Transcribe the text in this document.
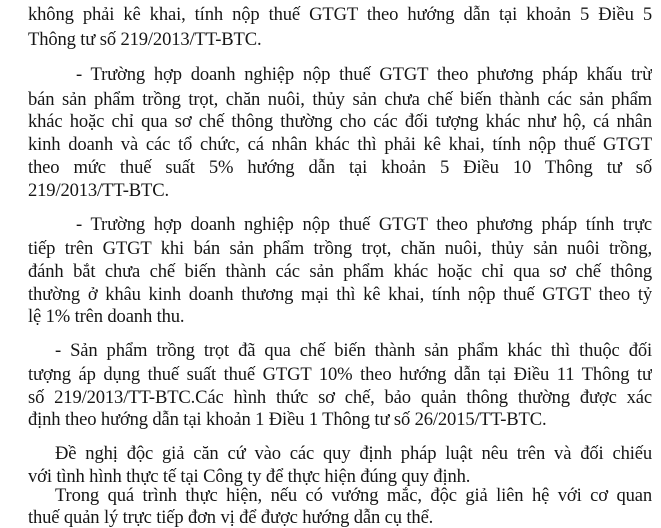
không phải kê khai, tính nộp thuế GTGT theo hướng dẫn tại khoản 5 Điều 5
Thông tư số 219/2013/TT-BTC.
- Trường hợp doanh nghiệp nộp thuế GTGT theo phương pháp khấu trừ
bán sản phẩm trồng trọt, chăn nuôi, thủy sản chưa chế biến thành các sản phẩm
khác hoặc chỉ qua sơ chế thông thường cho các đối tượng khác như hộ, cá nhân
kinh doanh và các tổ chức, cá nhân khác thì phải kê khai, tính nộp thuế GTGT
theo mức thuế suất 5% hướng dẫn tại khoản 5 Điều 10 Thông tư số
219/2013/TT-BTC.
- Trường hợp doanh nghiệp nộp thuế GTGT theo phương pháp tính trực
tiếp trên GTGT khi bán sản phẩm trồng trọt, chăn nuôi, thủy sản nuôi trồng,
đánh bắt chưa chế biến thành các sản phẩm khác hoặc chỉ qua sơ chế thông
thường ở khâu kinh doanh thương mại thì kê khai, tính nộp thuế GTGT theo tỷ
lệ 1% trên doanh thu.
- Sản phẩm trồng trọt đã qua chế biến thành sản phẩm khác thì thuộc đối
tượng áp dụng thuế suất thuế GTGT 10% theo hướng dẫn tại Điều 11 Thông tư
số 219/2013/TT-BTC.Các hình thức sơ chế, bảo quản thông thường được xác
định theo hướng dẫn tại khoản 1 Điều 1 Thông tư số 26/2015/TT-BTC.
Đề nghị độc giả căn cứ vào các quy định pháp luật nêu trên và đối chiếu
với tình hình thực tế tại Công ty để thực hiện đúng quy định.
Trong quá trình thực hiện, nếu có vướng mắc, độc giả liên hệ với cơ quan
thuế quản lý trực tiếp đơn vị để được hướng dẫn cụ thể.
